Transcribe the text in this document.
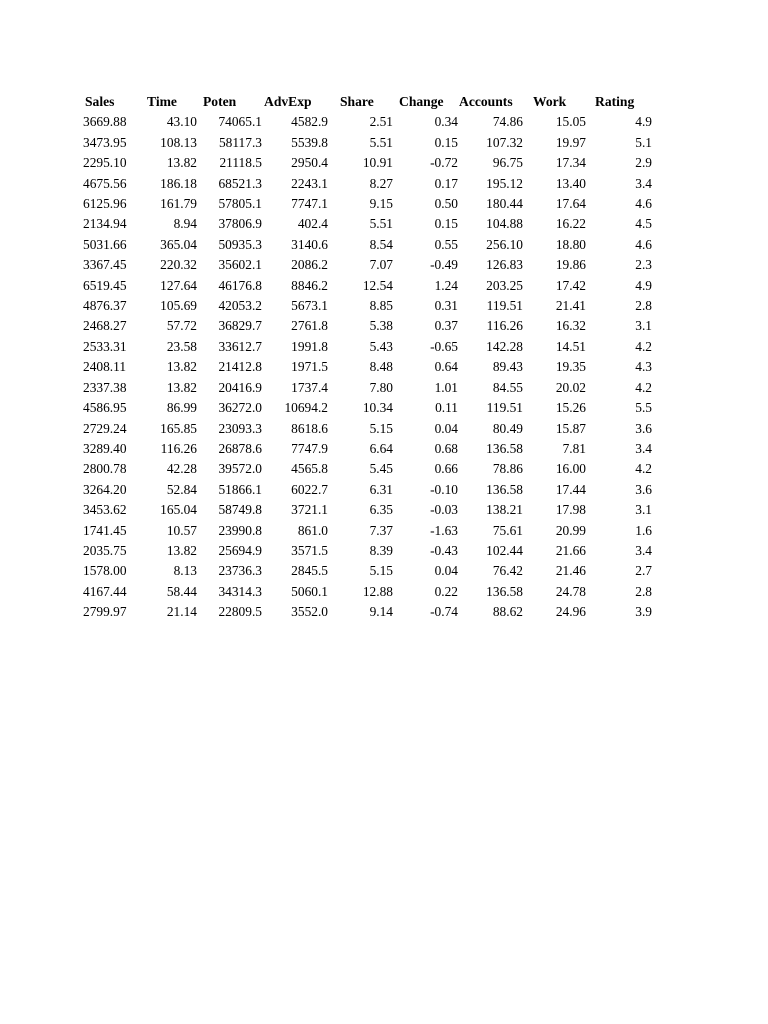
Sales	Time	Poten	AdvExp	Share	Change	Accounts	Work	Rating
3669.88	43.10	74065.1	4582.9	2.51	0.34	74.86	15.05	4.9
3473.95	108.13	58117.3	5539.8	5.51	0.15	107.32	19.97	5.1
2295.10	13.82	21118.5	2950.4	10.91	-0.72	96.75	17.34	2.9
4675.56	186.18	68521.3	2243.1	8.27	0.17	195.12	13.40	3.4
6125.96	161.79	57805.1	7747.1	9.15	0.50	180.44	17.64	4.6
2134.94	8.94	37806.9	402.4	5.51	0.15	104.88	16.22	4.5
5031.66	365.04	50935.3	3140.6	8.54	0.55	256.10	18.80	4.6
3367.45	220.32	35602.1	2086.2	7.07	-0.49	126.83	19.86	2.3
6519.45	127.64	46176.8	8846.2	12.54	1.24	203.25	17.42	4.9
4876.37	105.69	42053.2	5673.1	8.85	0.31	119.51	21.41	2.8
2468.27	57.72	36829.7	2761.8	5.38	0.37	116.26	16.32	3.1
2533.31	23.58	33612.7	1991.8	5.43	-0.65	142.28	14.51	4.2
2408.11	13.82	21412.8	1971.5	8.48	0.64	89.43	19.35	4.3
2337.38	13.82	20416.9	1737.4	7.80	1.01	84.55	20.02	4.2
4586.95	86.99	36272.0	10694.2	10.34	0.11	119.51	15.26	5.5
2729.24	165.85	23093.3	8618.6	5.15	0.04	80.49	15.87	3.6
3289.40	116.26	26878.6	7747.9	6.64	0.68	136.58	7.81	3.4
2800.78	42.28	39572.0	4565.8	5.45	0.66	78.86	16.00	4.2
3264.20	52.84	51866.1	6022.7	6.31	-0.10	136.58	17.44	3.6
3453.62	165.04	58749.8	3721.1	6.35	-0.03	138.21	17.98	3.1
1741.45	10.57	23990.8	861.0	7.37	-1.63	75.61	20.99	1.6
2035.75	13.82	25694.9	3571.5	8.39	-0.43	102.44	21.66	3.4
1578.00	8.13	23736.3	2845.5	5.15	0.04	76.42	21.46	2.7
4167.44	58.44	34314.3	5060.1	12.88	0.22	136.58	24.78	2.8
2799.97	21.14	22809.5	3552.0	9.14	-0.74	88.62	24.96	3.9
